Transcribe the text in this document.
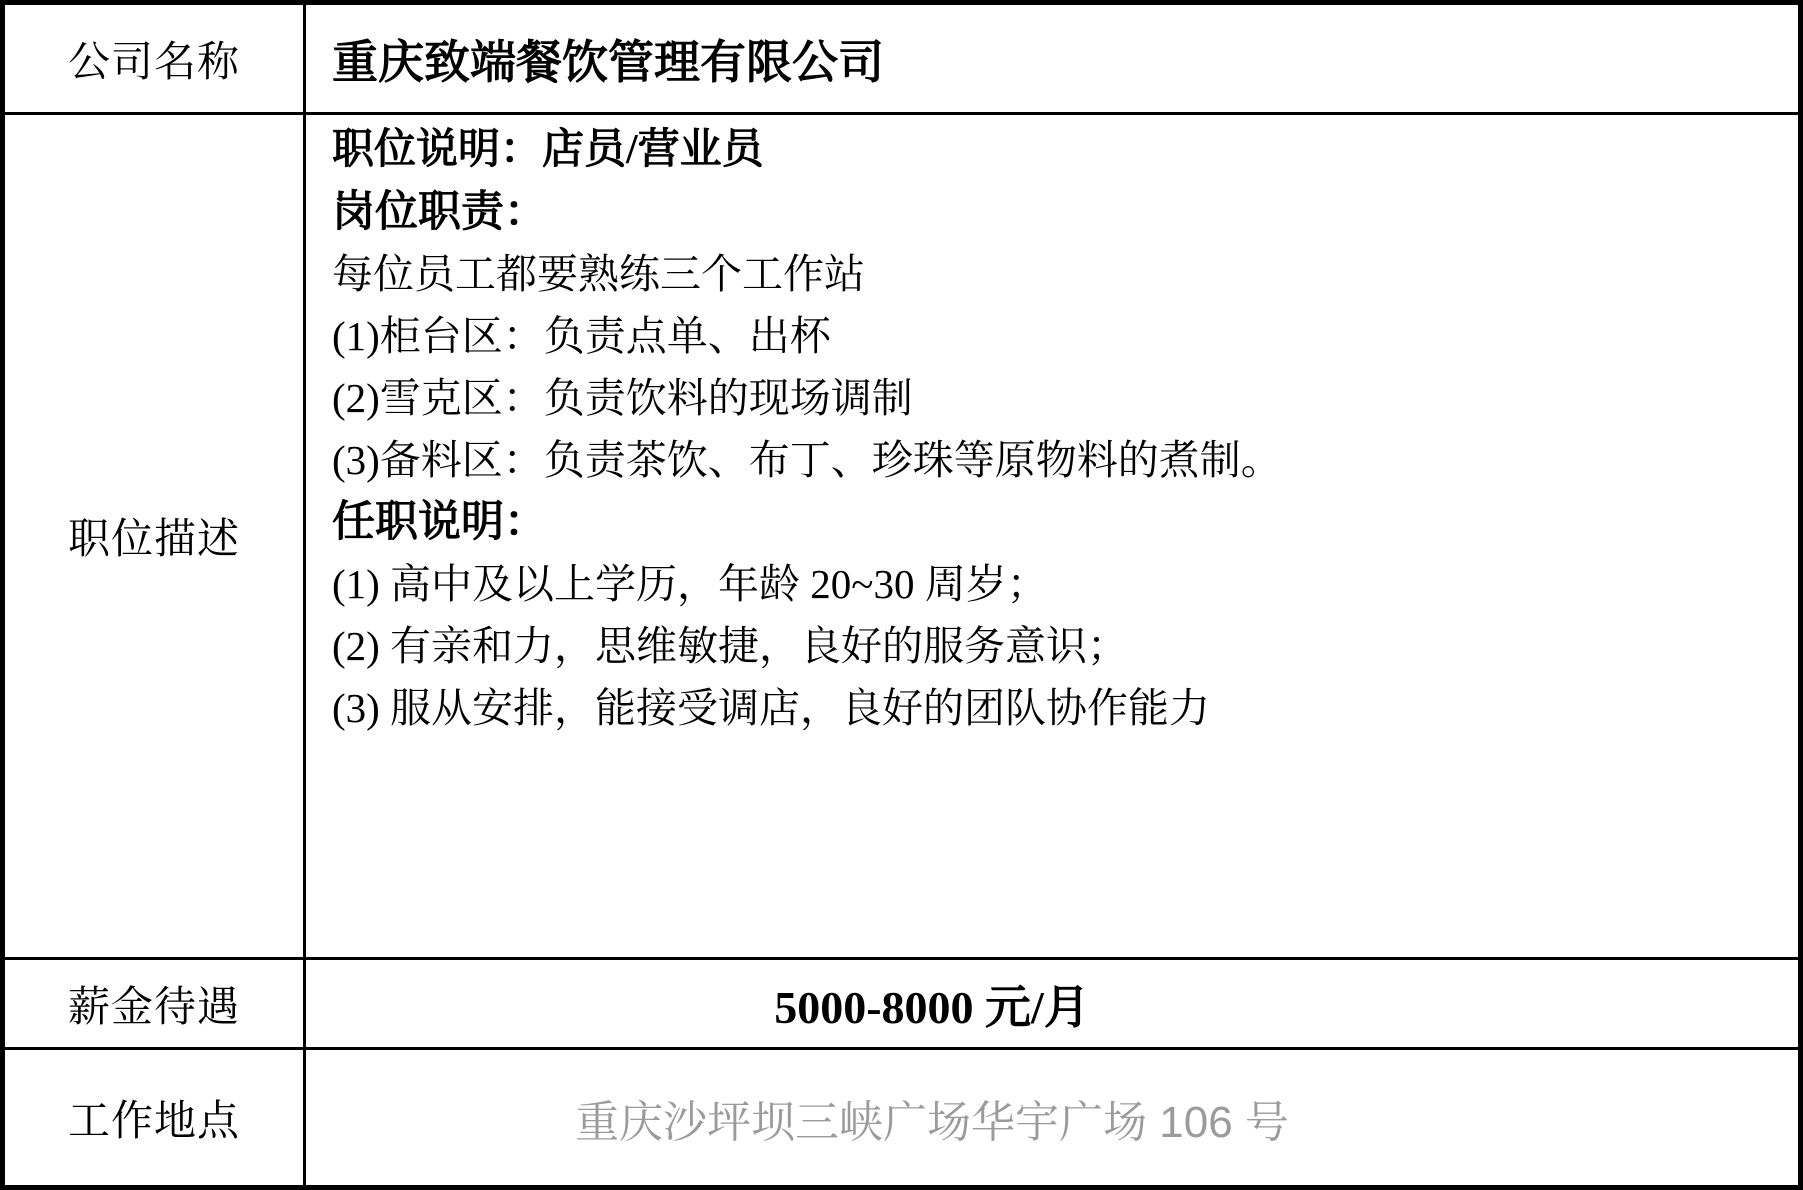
公司名称	重庆致端餐饮管理有限公司
职位描述

职位说明：店员/营业员

岗位职责：

每位员工都要熟练三个工作站
(1)柜台区：负责点单、出杯
(2)雪克区：负责饮料的现场调制

(3)备料区：负责茶饮、布丁、珍珠等原物料的煮制。

任职说明：

(1) 高中及以上学历，年龄 20~30 周岁；
(2) 有亲和力，思维敏捷，良好的服务意识；
(3) 服从安排，能接受调店，良好的团队协作能力
薪金待遇	5000-8000 元/月
工作地点	重庆沙坪坝三峡广场华宇广场 106 号
